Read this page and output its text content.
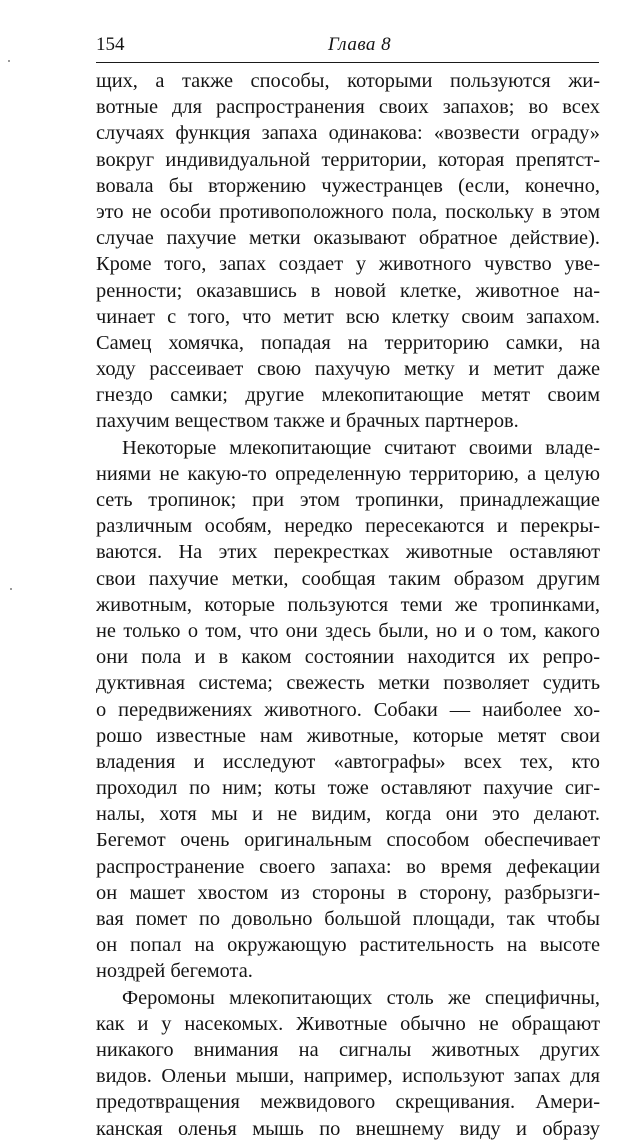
154	Глава 8
щих, а также способы, которыми пользуются жи-
вотные для распространения своих запахов; во всех
случаях функция запаха одинакова: «возвести ограду»
вокруг индивидуальной территории, которая препятст-
вовала бы вторжению чужестранцев (если, конечно,
это не особи противоположного пола, поскольку в этом
случае пахучие метки оказывают обратное действие).
Кроме того, запах создает у животного чувство уве-
ренности; оказавшись в новой клетке, животное на-
чинает с того, что метит всю клетку своим запахом.
Самец хомячка, попадая на территорию самки, на
ходу рассеивает свою пахучую метку и метит даже
гнездо самки; другие млекопитающие метят своим
пахучим веществом также и брачных партнеров.
Некоторые млекопитающие считают своими владе-
ниями не какую-то определенную территорию, а целую
сеть тропинок; при этом тропинки, принадлежащие
различным особям, нередко пересекаются и перекры-
ваются. На этих перекрестках животные оставляют
свои пахучие метки, сообщая таким образом другим
животным, которые пользуются теми же тропинками,
не только о том, что они здесь были, но и о том, какого
они пола и в каком состоянии находится их репро-
дуктивная система; свежесть метки позволяет судить
о передвижениях животного. Собаки — наиболее хо-
рошо известные нам животные, которые метят свои
владения и исследуют «автографы» всех тех, кто
проходил по ним; коты тоже оставляют пахучие сиг-
налы, хотя мы и не видим, когда они это делают.
Бегемот очень оригинальным способом обеспечивает
распространение своего запаха: во время дефекации
он машет хвостом из стороны в сторону, разбрызги-
вая помет по довольно большой площади, так чтобы
он попал на окружающую растительность на высоте
ноздрей бегемота.
Феромоны млекопитающих столь же специфичны,
как и у насекомых. Животные обычно не обращают
никакого внимания на сигналы животных других
видов. Оленьи мыши, например, используют запах для
предотвращения межвидового скрещивания. Амери-
канская оленья мышь по внешнему виду и образу
